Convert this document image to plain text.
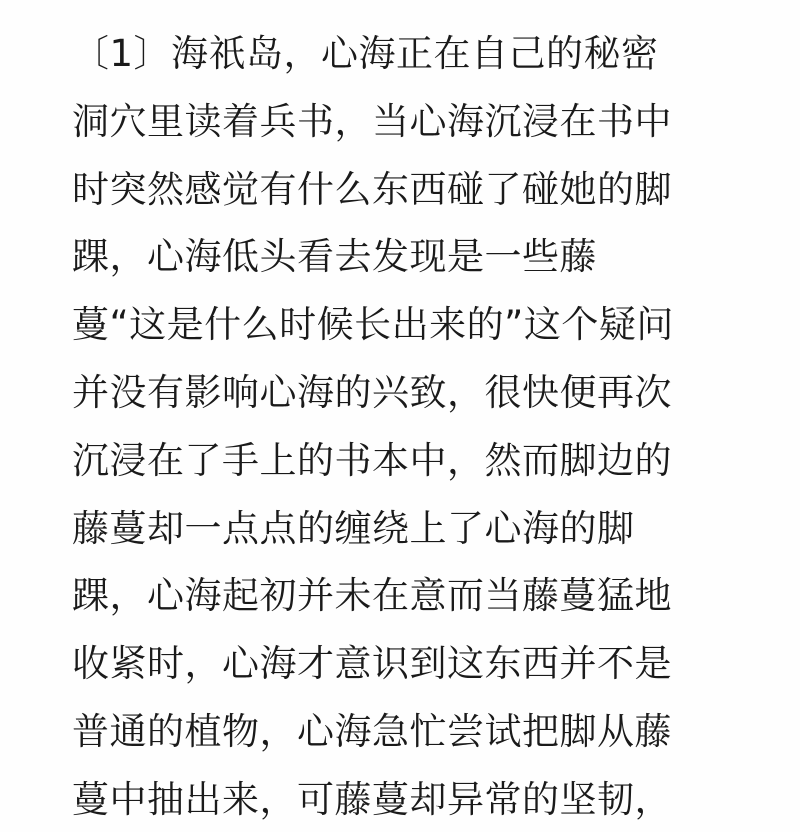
〔1〕海祇岛，心海正在自己的秘密
洞穴里读着兵书，当心海沉浸在书中
时突然感觉有什么东西碰了碰她的脚
踝，心海低头看去发现是一些藤
蔓“这是什么时候长出来的”这个疑问
并没有影响心海的兴致，很快便再次
沉浸在了手上的书本中，然而脚边的
藤蔓却一点点的缠绕上了心海的脚
踝，心海起初并未在意而当藤蔓猛地
收紧时，心海才意识到这东西并不是
普通的植物，心海急忙尝试把脚从藤
蔓中抽出来，可藤蔓却异常的坚韧，
